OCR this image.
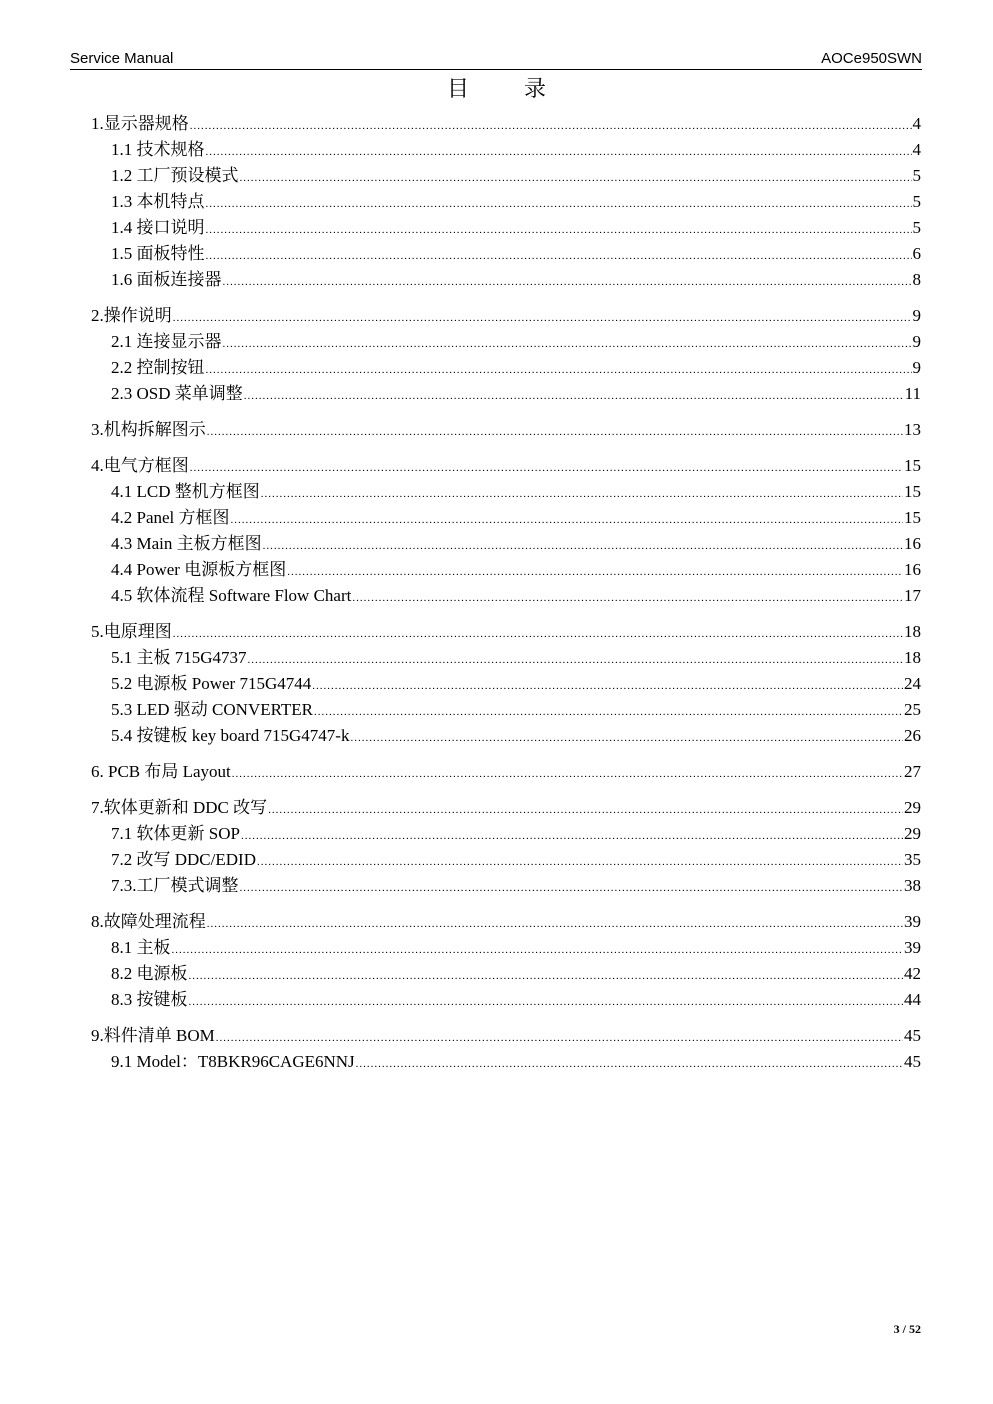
Service Manual	AOCe950SWN
目	录
1.显示器规格 .....	4
1.1 技术规格 .....	4
1.2 工厂预设模式 .....	5
1.3 本机特点 .....	5
1.4 接口说明 .....	5
1.5 面板特性 .....	6
1.6 面板连接器 .....	8
2.操作说明 .....	9
2.1 连接显示器 .....	9
2.2 控制按钮 .....	9
2.3 OSD 菜单调整 .....	11
3.机构拆解图示 .....	13
4.电气方框图 .....	15
4.1 LCD 整机方框图 .....	15
4.2 Panel 方框图 .....	15
4.3 Main 主板方框图 .....	16
4.4 Power 电源板方框图 .....	16
4.5 软体流程 Software Flow Chart .....	17
5.电原理图 .....	18
5.1 主板 715G4737 .....	18
5.2 电源板 Power 715G4744 .....	24
5.3 LED 驱动 CONVERTER .....	25
5.4 按键板 key board 715G4747-k .....	26
6. PCB 布局 Layout .....	27
7.软体更新和 DDC 改写 .....	29
7.1 软体更新 SOP .....	29
7.2 改写 DDC/EDID .....	35
7.3.工厂模式调整 .....	38
8.故障处理流程 .....	39
8.1 主板 .....	39
8.2 电源板 .....	42
8.3 按键板 .....	44
9.料件清单 BOM .....	45
9.1 Model：T8BKR96CAGE6NNJ .....	45
3 / 52
